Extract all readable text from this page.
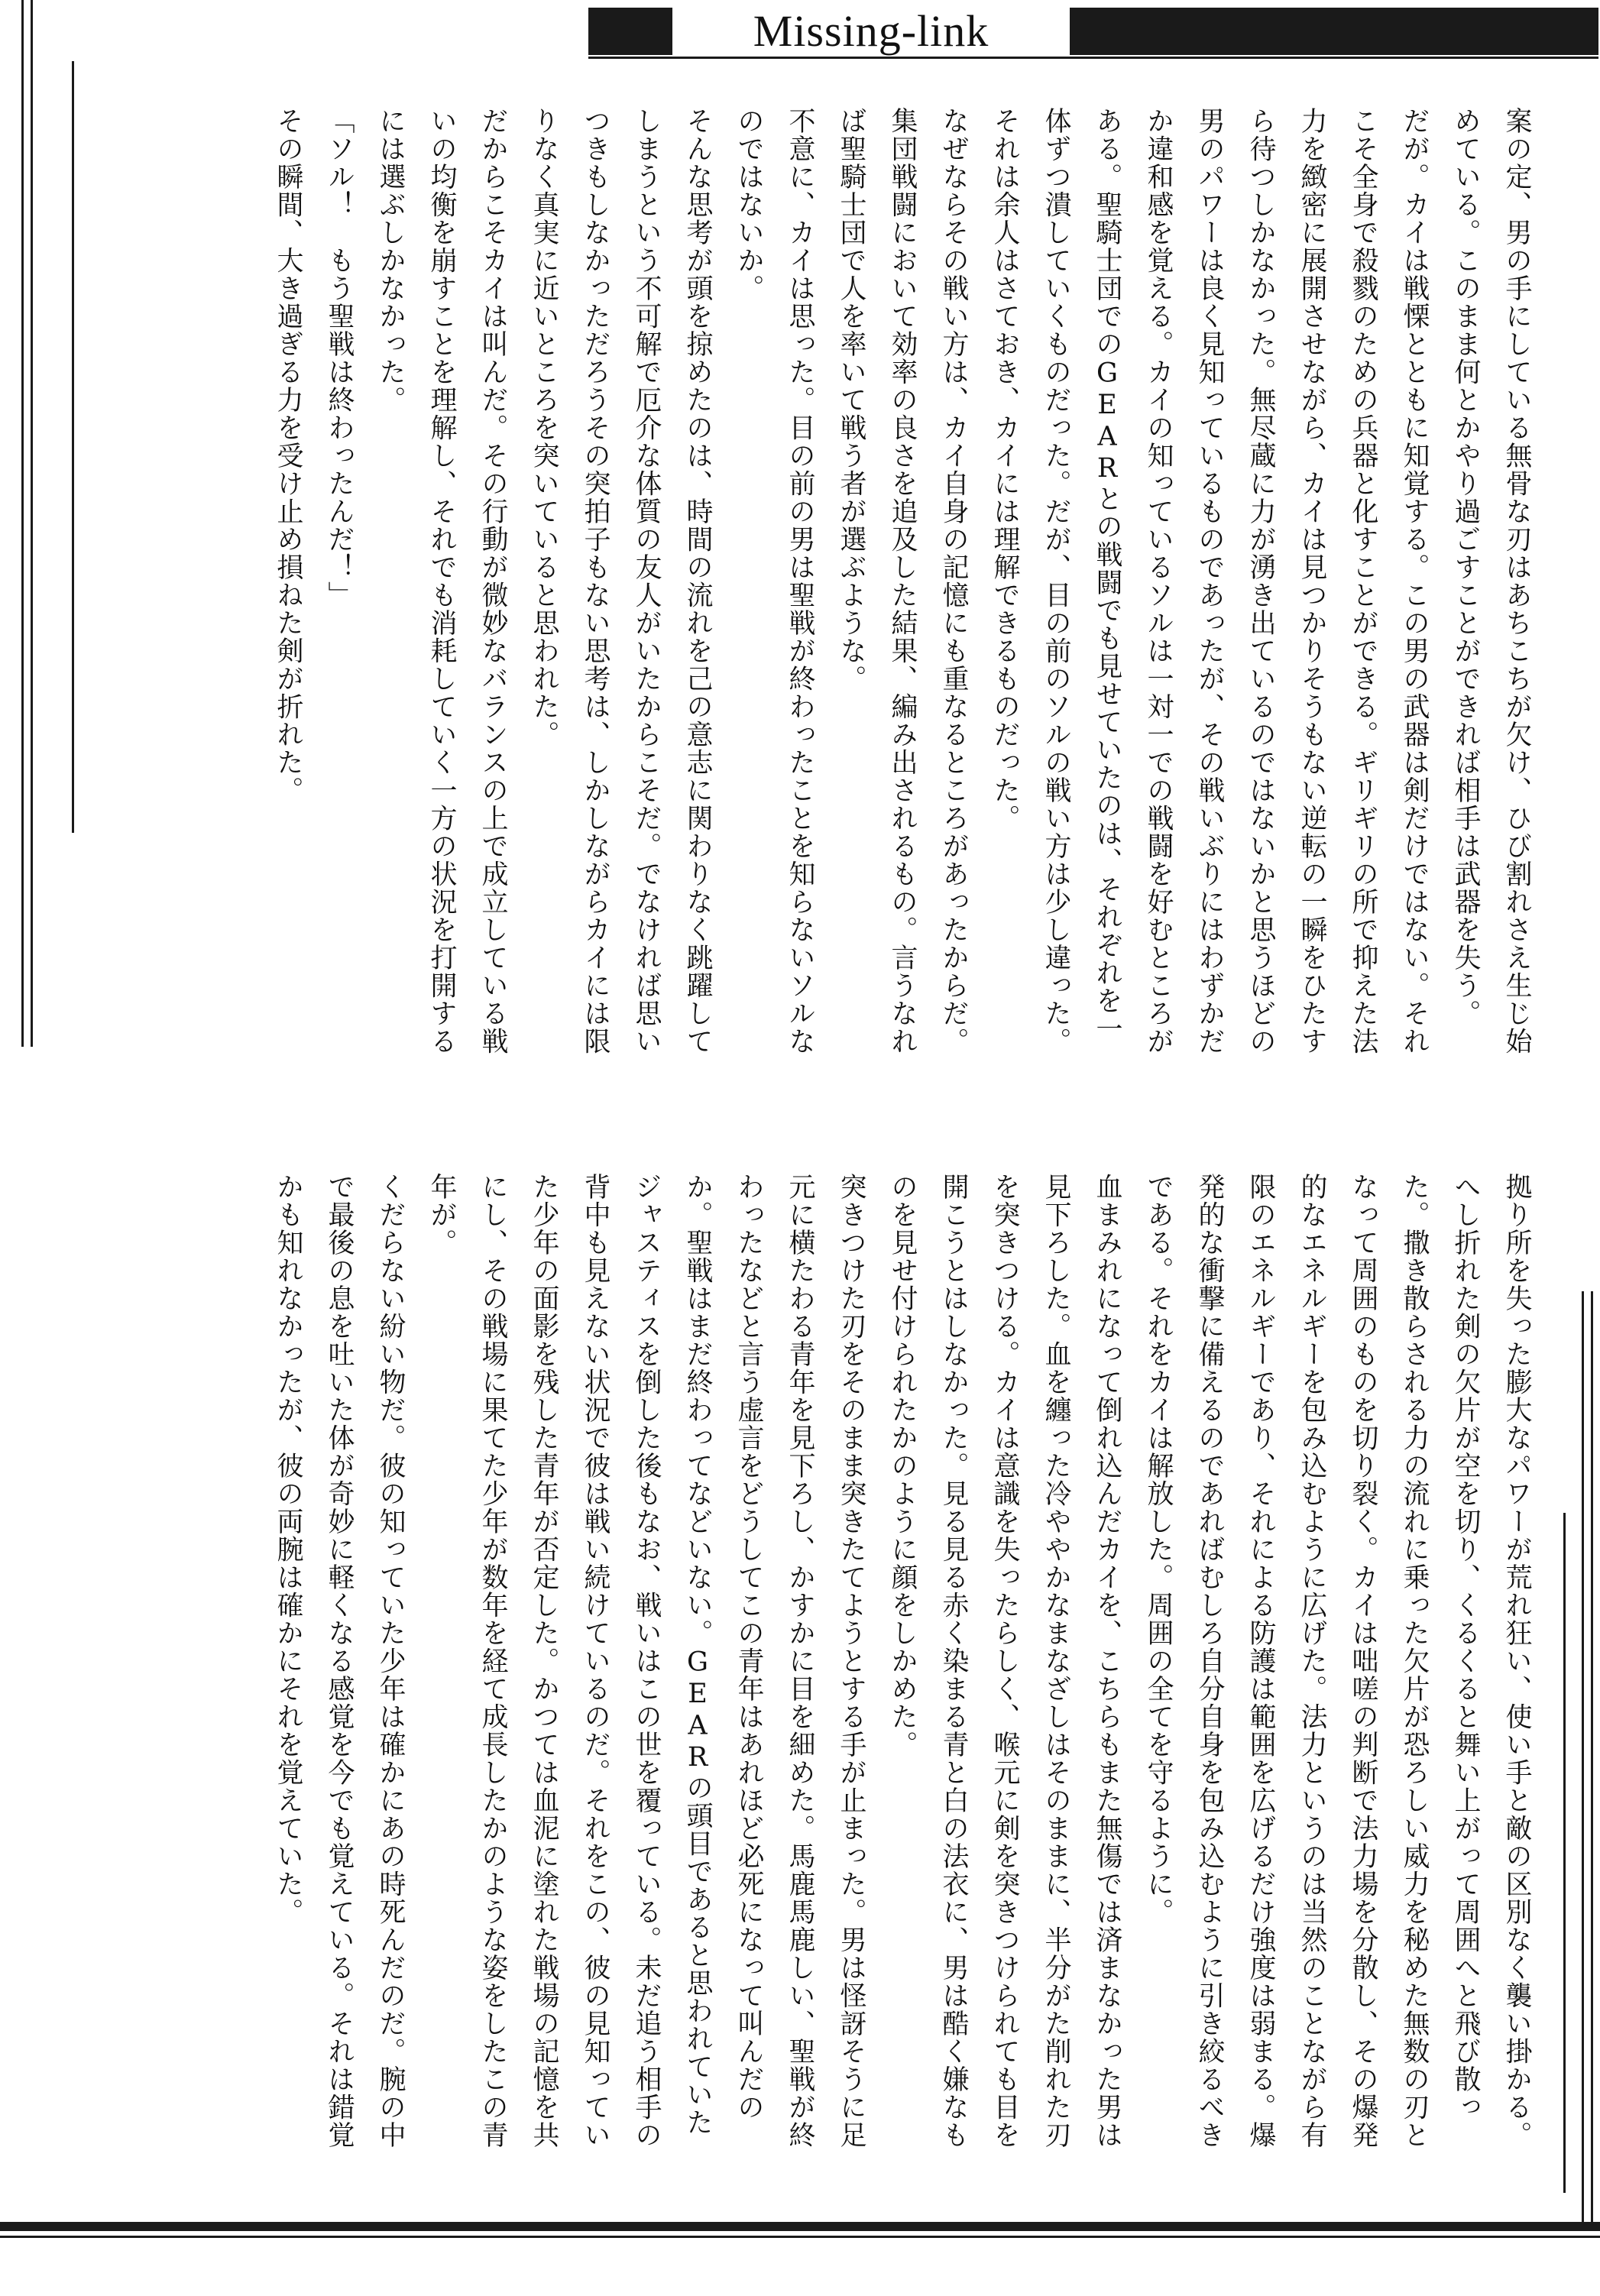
Missing-link

案の定、男の手にしている無骨な刃はあちこちが欠け、ひび割れさえ生じ始めている。このまま何とかやり過ごすことができれば相手は武器を失う。

だが。カイは戦慄とともに知覚する。この男の武器は剣だけではない。それこそ全身で殺戮のための兵器と化すことができる。ギリギリの所で抑えた法力を緻密に展開させながら、カイは見つかりそうもない逆転の一瞬をひたすら待つしかなかった。無尽蔵に力が湧き出ているのではないかと思うほどの男のパワーは良く見知っているものであったが、その戦いぶりにはわずかだか違和感を覚える。カイの知っているソルは一対一での戦闘を好むところがある。聖騎士団でのGEARとの戦闘でも見せていたのは、それぞれを一体ずつ潰していくものだった。だが、目の前のソルの戦い方は少し違った。それは余人はさておき、カイには理解できるものだった。

なぜならその戦い方は、カイ自身の記憶にも重なるところがあったからだ。集団戦闘において効率の良さを追及した結果、編み出されるもの。言うなれば聖騎士団で人を率いて戦う者が選ぶような。

不意に、カイは思った。目の前の男は聖戦が終わったことを知らないソルなのではないか。

そんな思考が頭を掠めたのは、時間の流れを己の意志に関わりなく跳躍してしまうという不可解で厄介な体質の友人がいたからこそだ。でなければ思いつきもしなかっただろうその突拍子もない思考は、しかしながらカイには限りなく真実に近いところを突いていると思われた。

だからこそカイは叫んだ。その行動が微妙なバランスの上で成立している戦いの均衡を崩すことを理解し、それでも消耗していく一方の状況を打開するには選ぶしかなかった。

「ソル！　もう聖戦は終わったんだ！」

その瞬間、大き過ぎる力を受け止め損ねた剣が折れた。

拠り所を失った膨大なパワーが荒れ狂い、使い手と敵の区別なく襲い掛かる。へし折れた剣の欠片が空を切り、くるくると舞い上がって周囲へと飛び散った。撒き散らされる力の流れに乗った欠片が恐ろしい威力を秘めた無数の刃となって周囲のものを切り裂く。カイは咄嗟の判断で法力場を分散し、その爆発的なエネルギーを包み込むように広げた。法力というのは当然のことながら有限のエネルギーであり、それによる防護は範囲を広げるだけ強度は弱まる。爆発的な衝撃に備えるのであればむしろ自分自身を包み込むように引き絞るべきである。それをカイは解放した。周囲の全てを守るように。

血まみれになって倒れ込んだカイを、こちらもまた無傷では済まなかった男は見下ろした。血を纏った冷ややかなまなざしはそのままに、半分がた削れた刃を突きつける。カイは意識を失ったらしく、喉元に剣を突きつけられても目を開こうとはしなかった。見る見る赤く染まる青と白の法衣に、男は酷く嫌なものを見せ付けられたかのように顔をしかめた。

突きつけた刃をそのまま突きたてようとする手が止まった。男は怪訝そうに足元に横たわる青年を見下ろし、かすかに目を細めた。馬鹿馬鹿しい、聖戦が終わったなどと言う虚言をどうしてこの青年はあれほど必死になって叫んだのか。聖戦はまだ終わってなどいない。GEARの頭目であると思われていたジャスティスを倒した後もなお、戦いはこの世を覆っている。未だ追う相手の背中も見えない状況で彼は戦い続けているのだ。それをこの、彼の見知っていた少年の面影を残した青年が否定した。かつては血泥に塗れた戦場の記憶を共にし、その戦場に果てた少年が数年を経て成長したかのような姿をしたこの青年が。

くだらない紛い物だ。彼の知っていた少年は確かにあの時死んだのだ。腕の中で最後の息を吐いた体が奇妙に軽くなる感覚を今でも覚えている。それは錯覚かも知れなかったが、彼の両腕は確かにそれを覚えていた。
